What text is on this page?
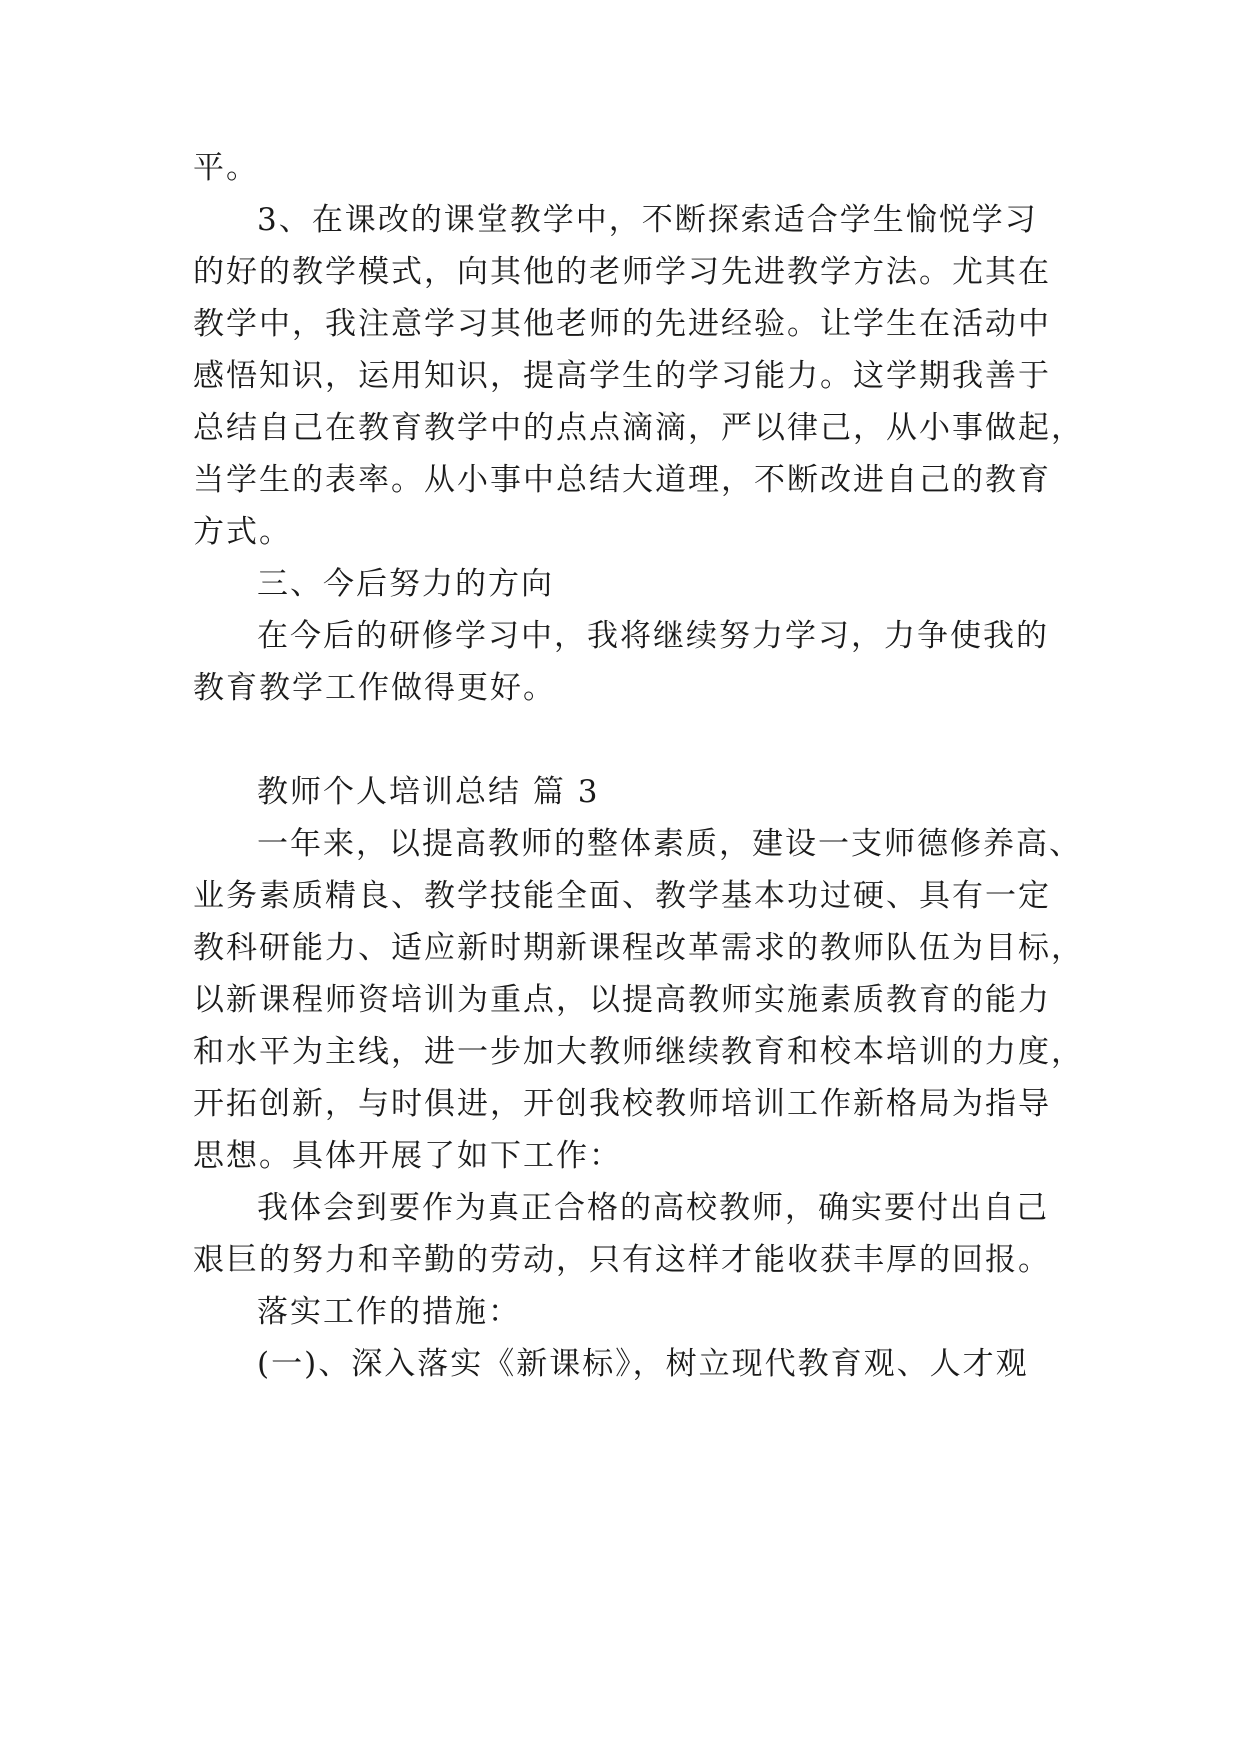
平。
3、在课改的课堂教学中，不断探索适合学生愉悦学习
的好的教学模式，向其他的老师学习先进教学方法。尤其在
教学中，我注意学习其他老师的先进经验。让学生在活动中
感悟知识，运用知识，提高学生的学习能力。这学期我善于
总结自己在教育教学中的点点滴滴，严以律己，从小事做起，
当学生的表率。从小事中总结大道理，不断改进自己的教育
方式。
三、今后努力的方向
在今后的研修学习中，我将继续努力学习，力争使我的
教育教学工作做得更好。
教师个人培训总结 篇 3
一年来，以提高教师的整体素质，建设一支师德修养高、
业务素质精良、教学技能全面、教学基本功过硬、具有一定
教科研能力、适应新时期新课程改革需求的教师队伍为目标，
以新课程师资培训为重点，以提高教师实施素质教育的能力
和水平为主线，进一步加大教师继续教育和校本培训的力度，
开拓创新，与时俱进，开创我校教师培训工作新格局为指导
思想。具体开展了如下工作：
我体会到要作为真正合格的高校教师，确实要付出自己
艰巨的努力和辛勤的劳动，只有这样才能收获丰厚的回报。
落实工作的措施：
(一)、深入落实《新课标》，树立现代教育观、人才观
